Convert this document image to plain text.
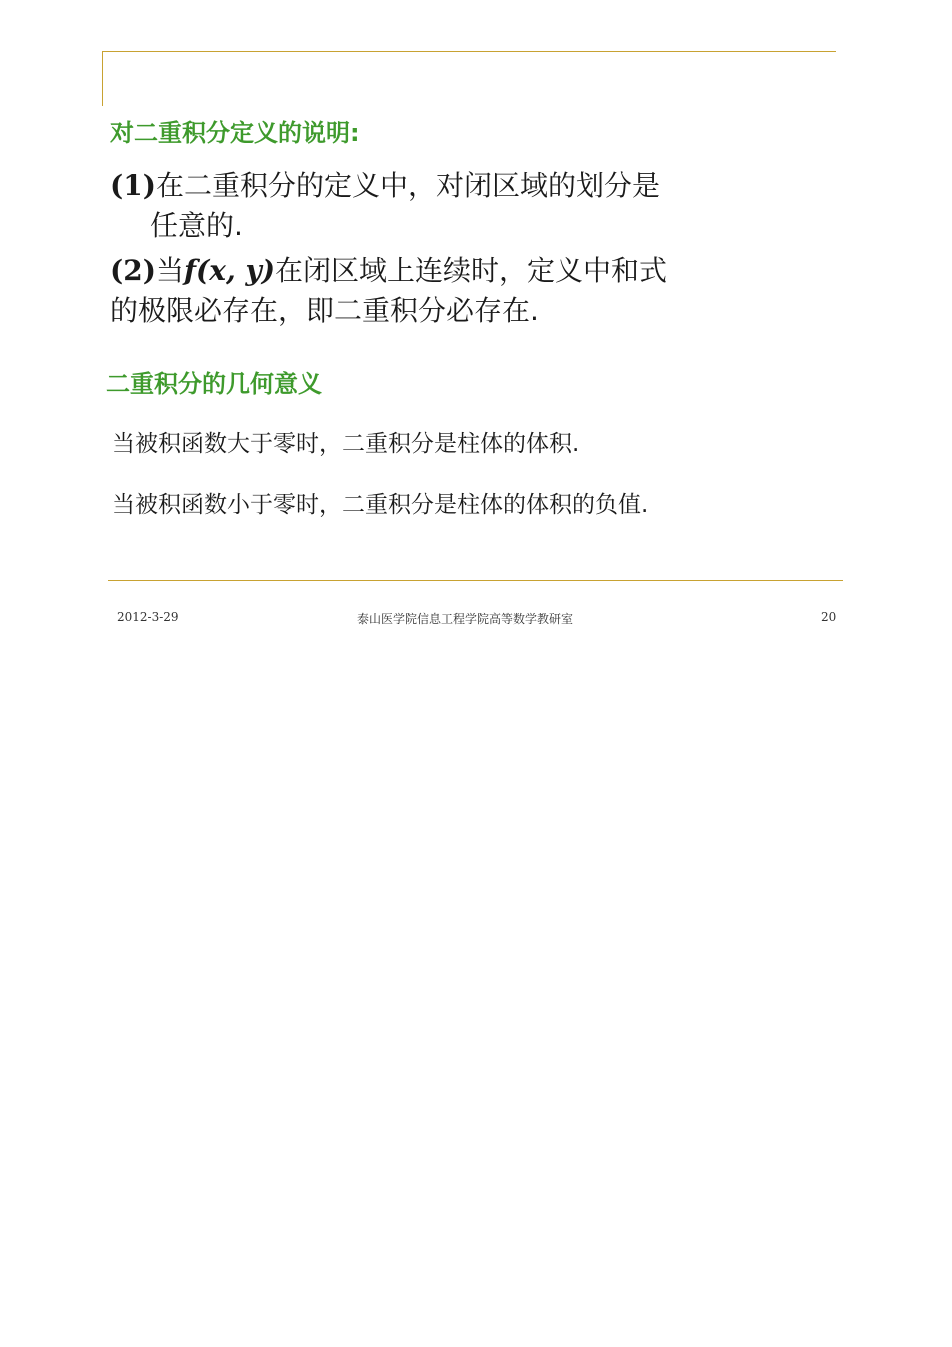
对二重积分定义的说明:
(1)在二重积分的定义中，对闭区域的划分是
任意的.
(2)当f(x, y)在闭区域上连续时，定义中和式
的极限必存在，即二重积分必存在.
二重积分的几何意义
当被积函数大于零时，二重积分是柱体的体积.
当被积函数小于零时，二重积分是柱体的体积的负值.
2012-3-29	泰山医学院信息工程学院高等数学教研室	20
